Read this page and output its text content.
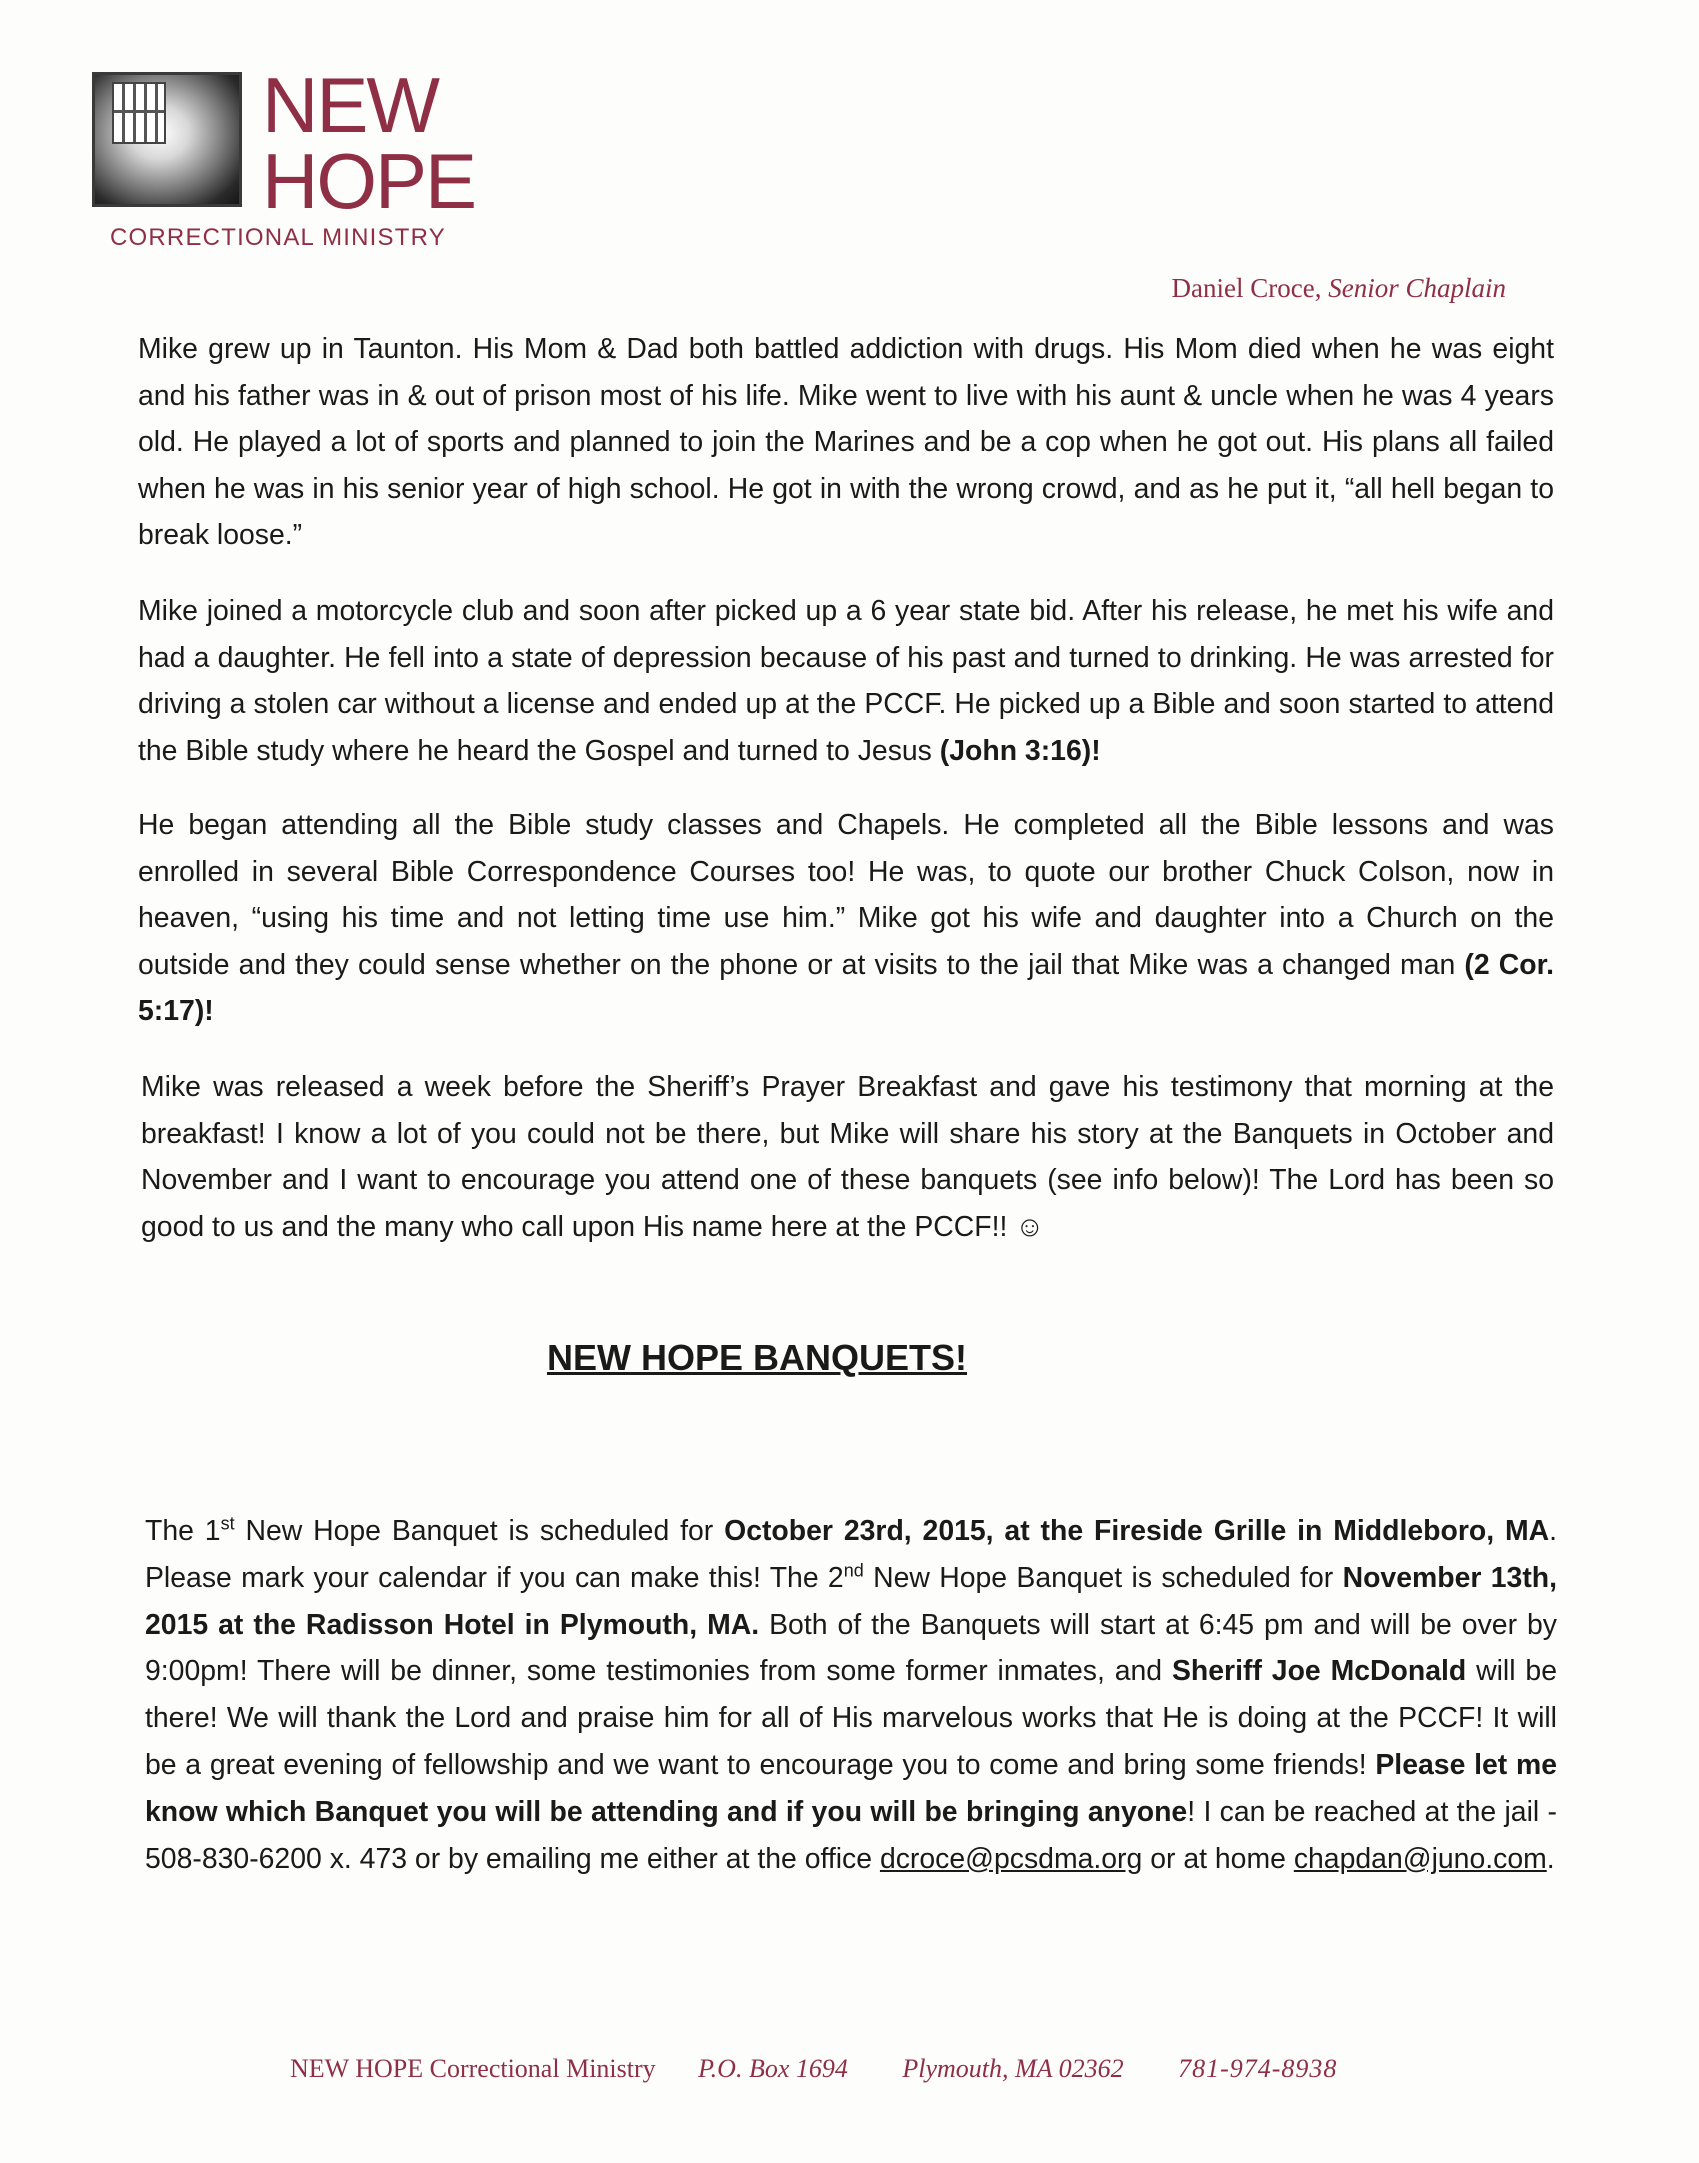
NEW
HOPE
CORRECTIONAL MINISTRY
Daniel Croce, Senior Chaplain

Mike grew up in Taunton. His Mom & Dad both battled addiction with drugs. His Mom died when he was eight and his father was in & out of prison most of his life. Mike went to live with his aunt & uncle when he was 4 years old. He played a lot of sports and planned to join the Marines and be a cop when he got out. His plans all failed when he was in his senior year of high school. He got in with the wrong crowd, and as he put it, “all hell began to break loose.”

Mike joined a motorcycle club and soon after picked up a 6 year state bid. After his release, he met his wife and had a daughter. He fell into a state of depression because of his past and turned to drinking. He was arrested for driving a stolen car without a license and ended up at the PCCF. He picked up a Bible and soon started to attend the Bible study where he heard the Gospel and turned to Jesus (John 3:16)!

He began attending all the Bible study classes and Chapels. He completed all the Bible lessons and was enrolled in several Bible Correspondence Courses too! He was, to quote our brother Chuck Colson, now in heaven, “using his time and not letting time use him.” Mike got his wife and daughter into a Church on the outside and they could sense whether on the phone or at visits to the jail that Mike was a changed man (2 Cor. 5:17)!

Mike was released a week before the Sheriff’s Prayer Breakfast and gave his testimony that morning at the breakfast! I know a lot of you could not be there, but Mike will share his story at the Banquets in October and November and I want to encourage you attend one of these banquets (see info below)! The Lord has been so good to us and the many who call upon His name here at the PCCF!! ☺

NEW HOPE BANQUETS!

The 1st New Hope Banquet is scheduled for October 23rd, 2015, at the Fireside Grille in Middleboro, MA. Please mark your calendar if you can make this! The 2nd New Hope Banquet is scheduled for November 13th, 2015 at the Radisson Hotel in Plymouth, MA. Both of the Banquets will start at 6:45 pm and will be over by 9:00pm! There will be dinner, some testimonies from some former inmates, and Sheriff Joe McDonald will be there! We will thank the Lord and praise him for all of His marvelous works that He is doing at the PCCF! It will be a great evening of fellowship and we want to encourage you to come and bring some friends! Please let me know which Banquet you will be attending and if you will be bringing anyone! I can be reached at the jail - 508-830-6200 x. 473 or by emailing me either at the office dcroce@pcsdma.org or at home chapdan@juno.com.

NEW HOPE Correctional Ministry P.O. Box 1694 Plymouth, MA 02362 781-974-8938
